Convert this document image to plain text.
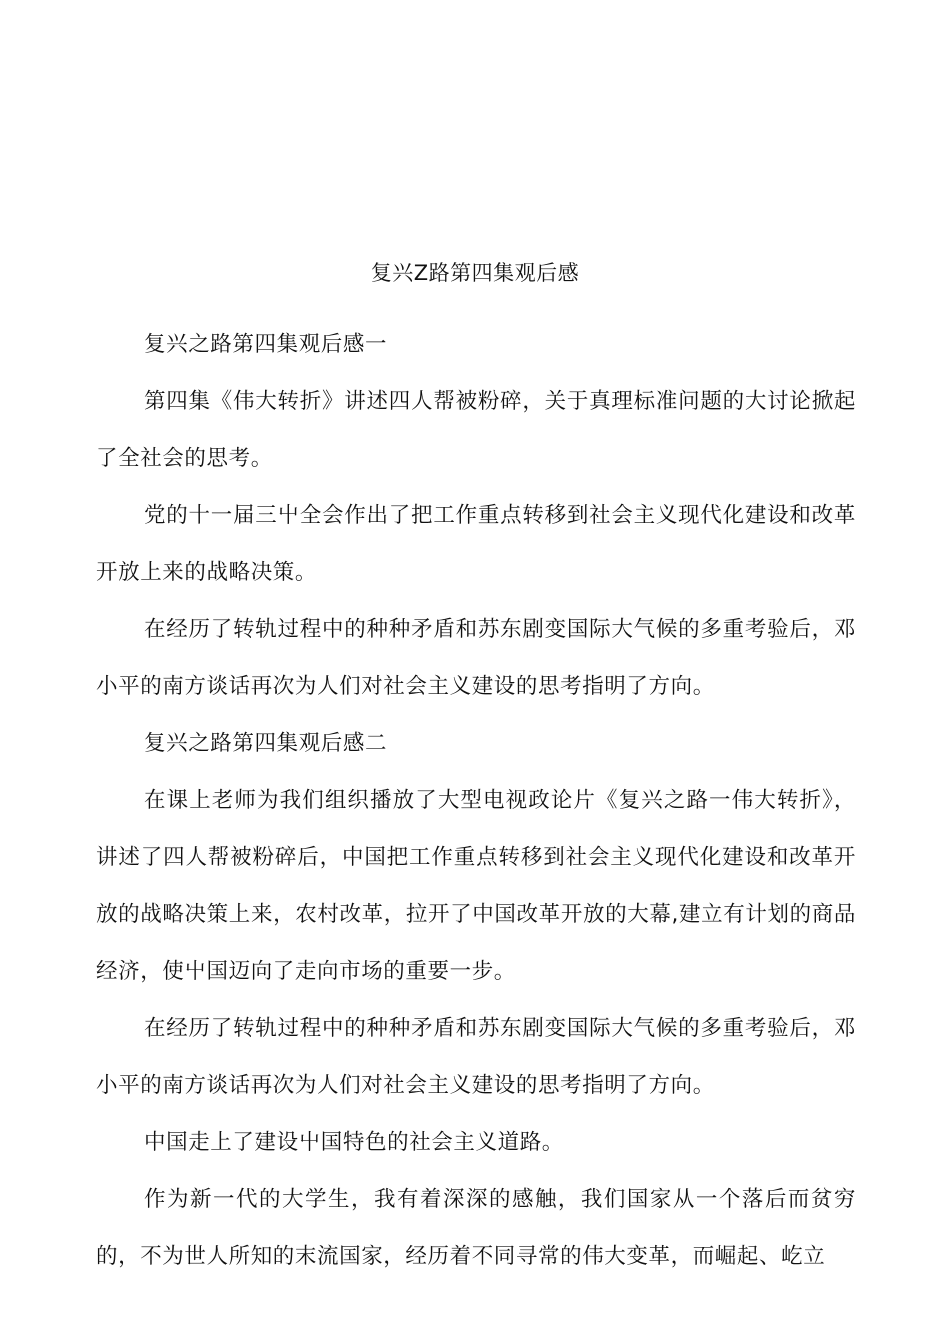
复兴Z路第四集观后感

复兴之路第四集观后感一

第四集《伟大转折》讲述四人帮被粉碎，关于真理标准问题的大讨论掀起了全社会的思考。

党的十一届三屮全会作出了把工作重点转移到社会主义现代化建设和改革开放上来的战略决策。

在经历了转轨过程中的种种矛盾和苏东剧变国际大气候的多重考验后，邓小平的南方谈话再次为人们对社会主义建设的思考指明了方向。

复兴之路第四集观后感二

在课上老师为我们组织播放了大型电视政论片《复兴之路一伟大转折》，讲述了四人帮被粉碎后，中国把工作重点转移到社会主义现代化建设和改革开放的战略决策上来，农村改革，拉开了中国改革开放的大幕,建立有计划的商品经济，使屮国迈向了走向市场的重要一步。

在经历了转轨过程中的种种矛盾和苏东剧变国际大气候的多重考验后，邓小平的南方谈话再次为人们对社会主义建设的思考指明了方向。

中国走上了建设屮国特色的社会主义道路。

作为新一代的大学生，我有着深深的感触，我们国家从一个落后而贫穷的，不为世人所知的末流国家，经历着不同寻常的伟大变革，而崛起、屹立
